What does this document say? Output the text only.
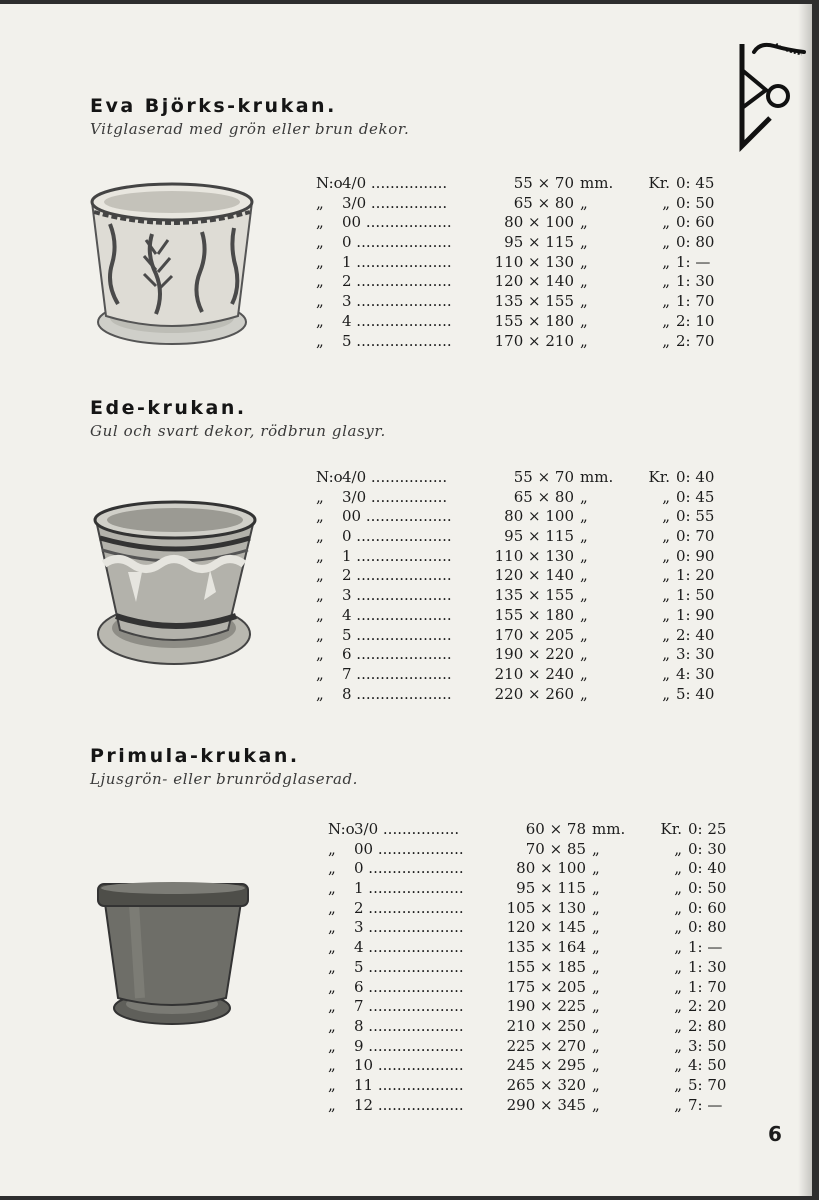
Eva Björks-krukan.
Vitglaserad med grön eller brun dekor.
N:o 4/0 ................	55 × 70 mm.	Kr. 0: 45
„	3/0 ................	65 × 80 „	„ 0: 50
„	00 ..................	80 × 100 „	„ 0: 60
„	0 ....................	95 × 115 „	„ 0: 80
„	1 ....................	110 × 130 „	„ 1: —
„	2 ....................	120 × 140 „	„ 1: 30
„	3 ....................	135 × 155 „	„ 1: 70
„	4 ....................	155 × 180 „	„ 2: 10
„	5 ....................	170 × 210 „	„ 2: 70
Ede-krukan.
Gul och svart dekor, rödbrun glasyr.
N:o 4/0 ................	55 × 70 mm.	Kr. 0: 40
„	3/0 ................	65 × 80 „	„ 0: 45
„	00 ..................	80 × 100 „	„ 0: 55
„	0 ....................	95 × 115 „	„ 0: 70
„	1 ....................	110 × 130 „	„ 0: 90
„	2 ....................	120 × 140 „	„ 1: 20
„	3 ....................	135 × 155 „	„ 1: 50
„	4 ....................	155 × 180 „	„ 1: 90
„	5 ....................	170 × 205 „	„ 2: 40
„	6 ....................	190 × 220 „	„ 3: 30
„	7 ....................	210 × 240 „	„ 4: 30
„	8 ....................	220 × 260 „	„ 5: 40
Primula-krukan.
Ljusgrön- eller brunrödglaserad.
N:o 3/0 ................	60 × 78 mm.	Kr. 0: 25
„	00 ..................	70 × 85 „	„ 0: 30
„	0 ....................	80 × 100 „	„ 0: 40
„	1 ....................	95 × 115 „	„ 0: 50
„	2 ....................	105 × 130 „	„ 0: 60
„	3 ....................	120 × 145 „	„ 0: 80
„	4 ....................	135 × 164 „	„ 1: —
„	5 ....................	155 × 185 „	„ 1: 30
„	6 ....................	175 × 205 „	„ 1: 70
„	7 ....................	190 × 225 „	„ 2: 20
„	8 ....................	210 × 250 „	„ 2: 80
„	9 ....................	225 × 270 „	„ 3: 50
„	10 ..................	245 × 295 „	„ 4: 50
„	11 ..................	265 × 320 „	„ 5: 70
„	12 ..................	290 × 345 „	„ 7: —
6
